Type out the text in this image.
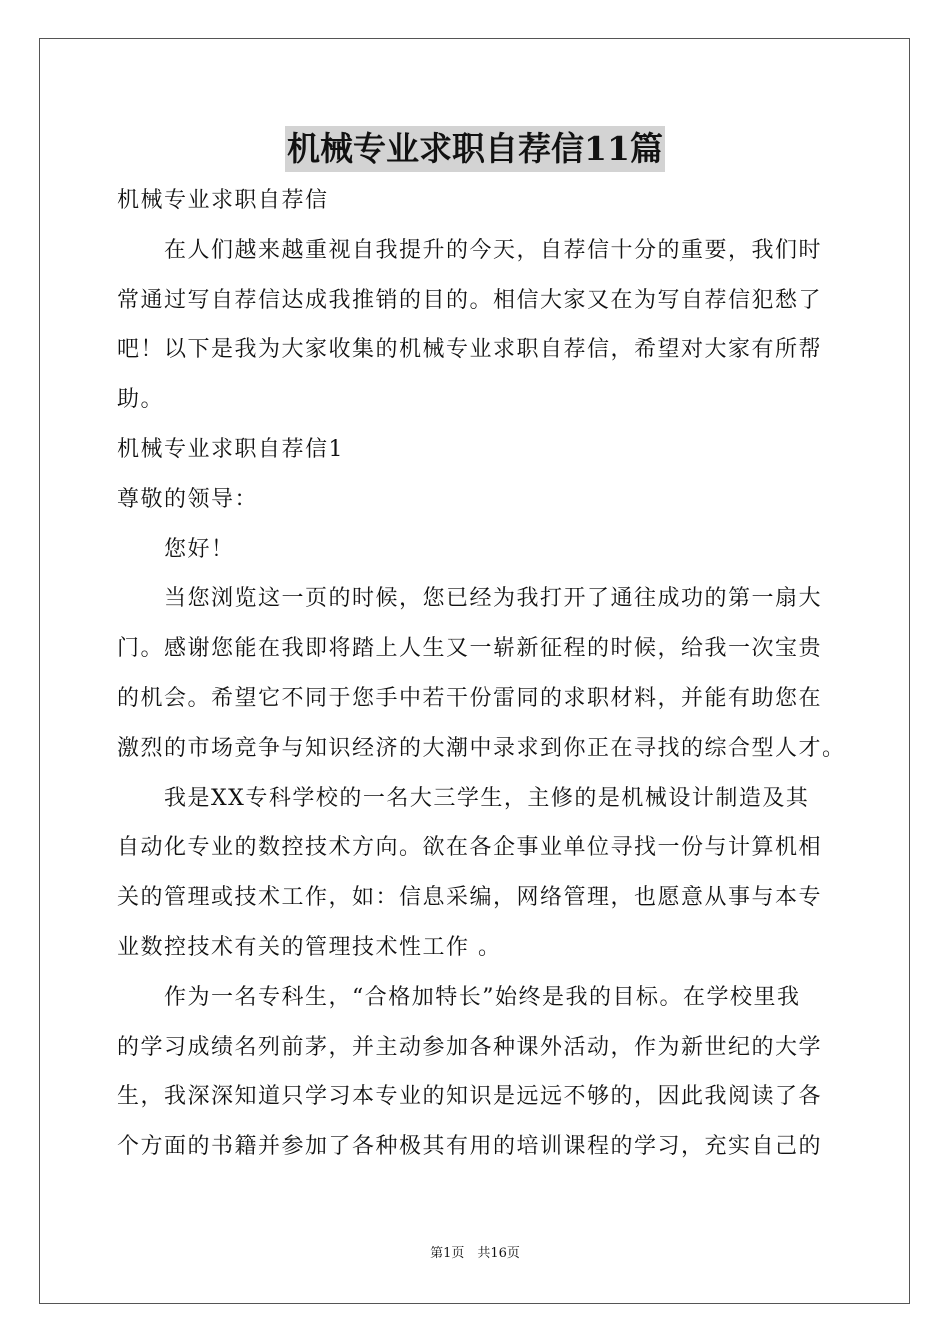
机械专业求职自荐信11篇

机械专业求职自荐信

在人们越来越重视自我提升的今天，自荐信十分的重要，我们时

常通过写自荐信达成我推销的目的。相信大家又在为写自荐信犯愁了

吧！以下是我为大家收集的机械专业求职自荐信，希望对大家有所帮

助。

机械专业求职自荐信1

尊敬的领导：

您好！

当您浏览这一页的时候，您已经为我打开了通往成功的第一扇大

门。感谢您能在我即将踏上人生又一崭新征程的时候，给我一次宝贵

的机会。希望它不同于您手中若干份雷同的求职材料，并能有助您在

激烈的市场竞争与知识经济的大潮中录求到你正在寻找的综合型人才。

我是XX专科学校的一名大三学生，主修的是机械设计制造及其

自动化专业的数控技术方向。欲在各企事业单位寻找一份与计算机相

关的管理或技术工作，如：信息采编，网络管理，也愿意从事与本专

业数控技术有关的管理技术性工作 。

作为一名专科生，“合格加特长”始终是我的目标。在学校里我

的学习成绩名列前茅，并主动参加各种课外活动，作为新世纪的大学

生，我深深知道只学习本专业的知识是远远不够的，因此我阅读了各

个方面的书籍并参加了各种极其有用的培训课程的学习，充实自己的

第1页　共16页
